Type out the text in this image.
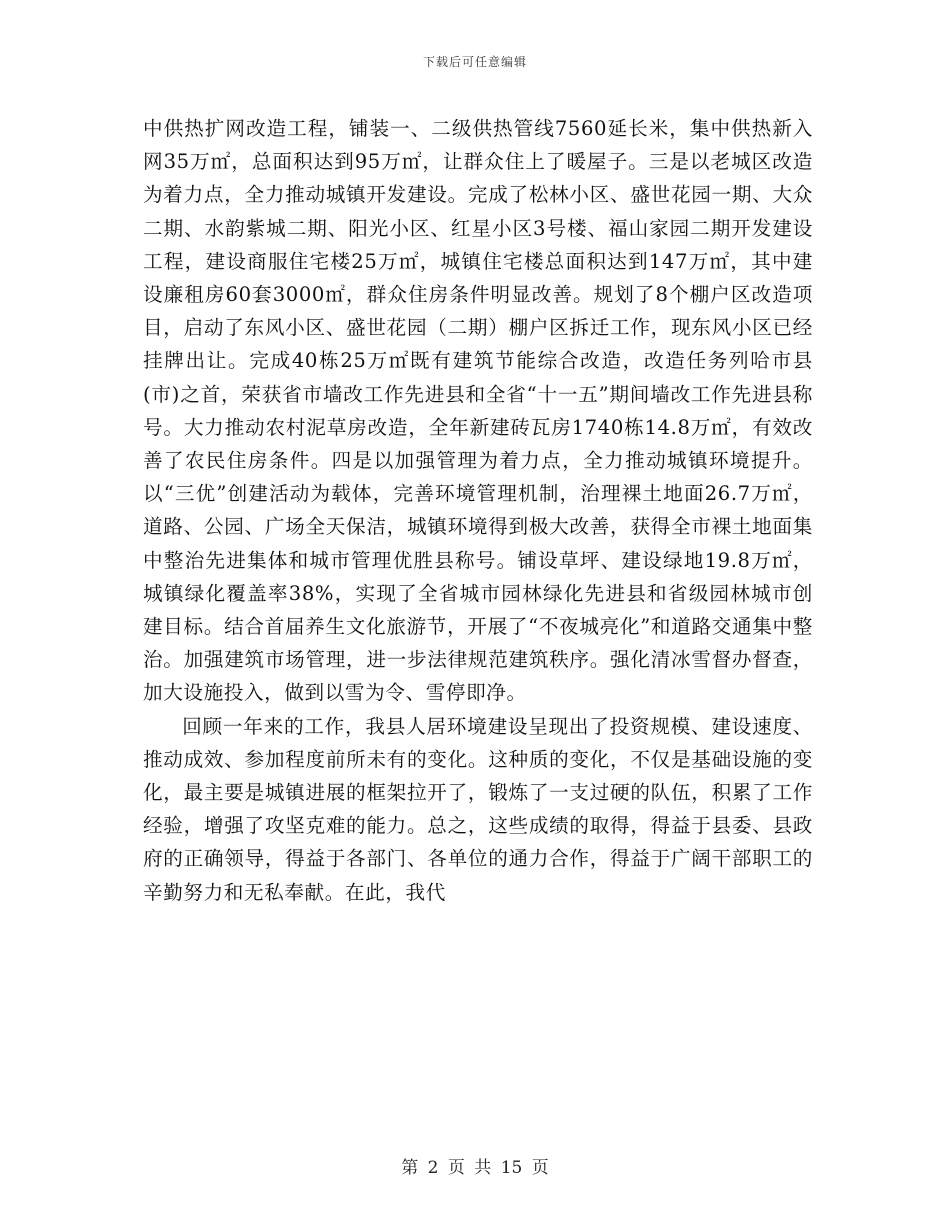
下载后可任意编辑

中供热扩网改造工程，铺装一、二级供热管线7560延长米，集中供热新入网35万㎡，总面积达到95万㎡，让群众住上了暖屋子。三是以老城区改造为着力点，全力推动城镇开发建设。完成了松林小区、盛世花园一期、大众二期、水韵紫城二期、阳光小区、红星小区3号楼、福山家园二期开发建设工程，建设商服住宅楼25万㎡，城镇住宅楼总面积达到147万㎡，其中建设廉租房60套3000㎡，群众住房条件明显改善。规划了8个棚户区改造项目，启动了东风小区、盛世花园（二期）棚户区拆迁工作，现东风小区已经挂牌出让。完成40栋25万㎡既有建筑节能综合改造，改造任务列哈市县(市)之首，荣获省市墙改工作先进县和全省“十一五”期间墙改工作先进县称号。大力推动农村泥草房改造，全年新建砖瓦房1740栋14.8万㎡，有效改善了农民住房条件。四是以加强管理为着力点，全力推动城镇环境提升。以“三优”创建活动为载体，完善环境管理机制，治理裸土地面26.7万㎡，道路、公园、广场全天保洁，城镇环境得到极大改善，获得全市裸土地面集中整治先进集体和城市管理优胜县称号。铺设草坪、建设绿地19.8万㎡，城镇绿化覆盖率38%，实现了全省城市园林绿化先进县和省级园林城市创建目标。结合首届养生文化旅游节，开展了“不夜城亮化”和道路交通集中整治。加强建筑市场管理，进一步法律规范建筑秩序。强化清冰雪督办督查，加大设施投入，做到以雪为令、雪停即净。

回顾一年来的工作，我县人居环境建设呈现出了投资规模、建设速度、推动成效、参加程度前所未有的变化。这种质的变化，不仅是基础设施的变化，最主要是城镇进展的框架拉开了，锻炼了一支过硬的队伍，积累了工作经验，增强了攻坚克难的能力。总之，这些成绩的取得，得益于县委、县政府的正确领导，得益于各部门、各单位的通力合作，得益于广阔干部职工的辛勤努力和无私奉献。在此，我代

第 2 页 共 15 页
